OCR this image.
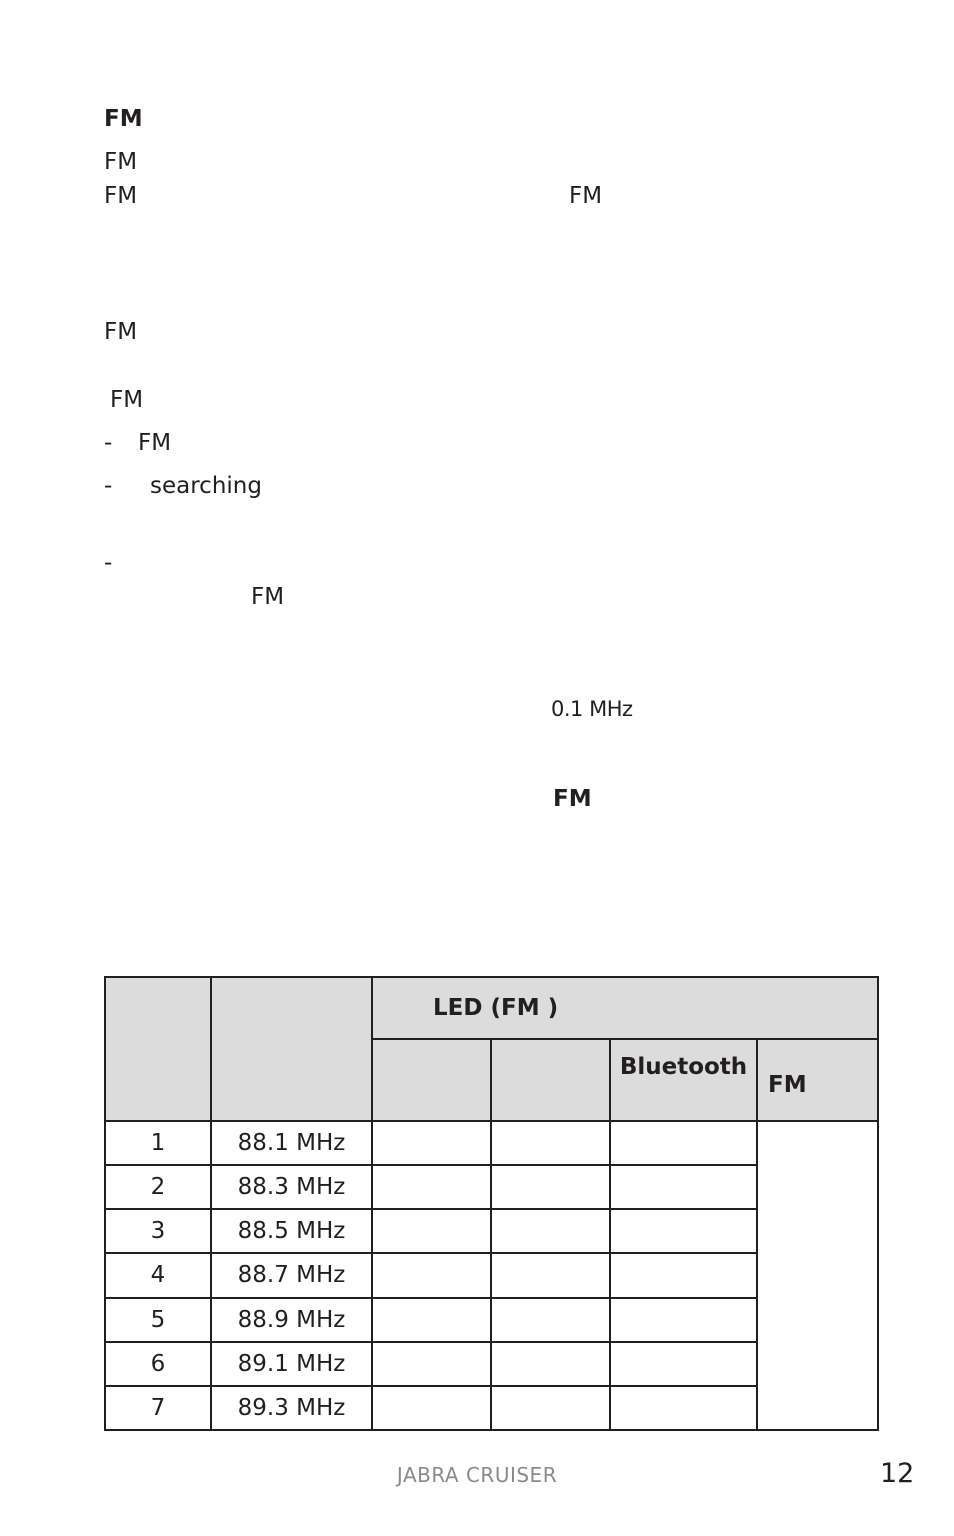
FM
FM
FM	FM
FM
FM
- FM
- searching
-
FM
0.1 MHz
FM
		LED (FM )			
				Bluetooth	FM
1	88.1 MHz				
2	88.3 MHz				
3	88.5 MHz				
4	88.7 MHz				
5	88.9 MHz				
6	89.1 MHz				
7	89.3 MHz				
JABRA CRUISER	12
